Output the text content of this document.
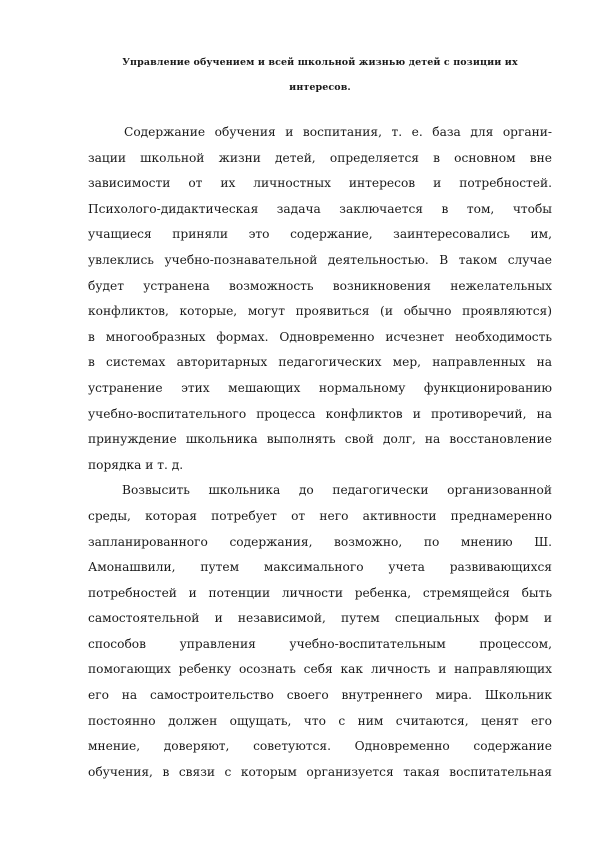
Управление обучением и всей школьной жизнью детей с позиции их
интересов.
Содержание обучения и воспитания, т. е. база для органи-
зации школьной жизни детей, определяется в основном вне
зависимости от их личностных интересов и потребностей.
Психолого-дидактическая задача заключается в том, чтобы
учащиеся приняли это содержание, заинтересовались им,
увлеклись учебно-познавательной деятельностью. В таком случае
будет устранена возможность возникновения нежелательных
конфликтов, которые, могут проявиться (и обычно проявляются)
в многообразных формах. Одновременно исчезнет необходимость
в системах авторитарных педагогических мер, направленных на
устранение этих мешающих нормальному функционированию
учебно-воспитательного процесса конфликтов и противоречий, на
принуждение школьника выполнять свой долг, на восстановление
порядка и т. д.
Возвысить школьника до педагогически организованной
среды, которая потребует от него активности преднамеренно
запланированного содержания, возможно, по мнению Ш.
Амонашвили, путем максимального учета развивающихся
потребностей и потенции личности ребенка, стремящейся быть
самостоятельной и независимой, путем специальных форм и
способов управления учебно-воспитательным процессом,
помогающих ребенку осознать себя как личность и направляющих
его на самостроительство своего внутреннего мира. Школьник
постоянно должен ощущать, что с ним считаются, ценят его
мнение, доверяют, советуются. Одновременно содержание
обучения, в связи с которым организуется такая воспитательная
